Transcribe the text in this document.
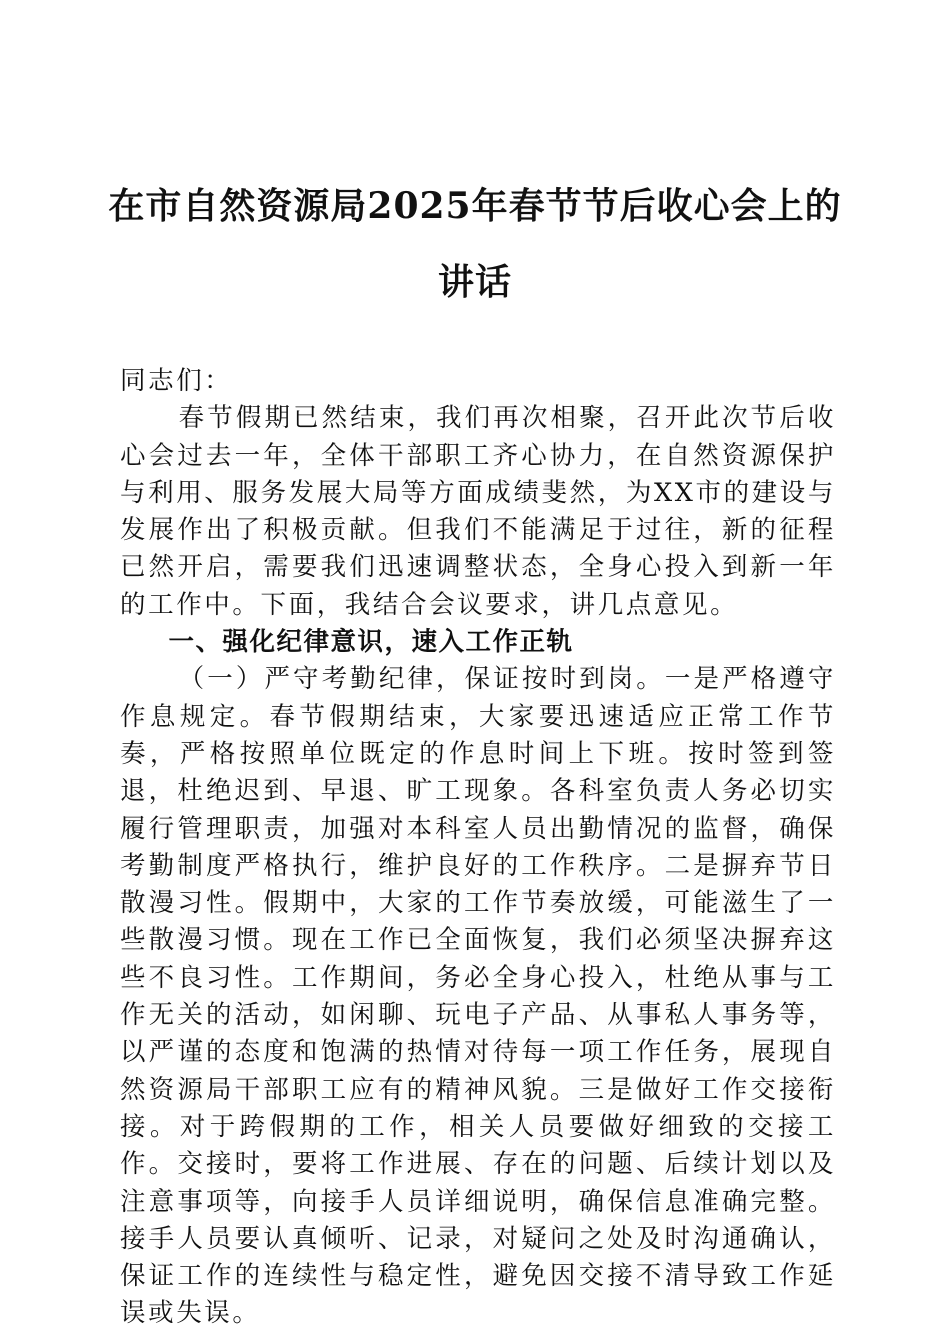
在市自然资源局2025年春节节后收心会上的
讲话

同志们：

春节假期已然结束，我们再次相聚，召开此次节后收心会过去一年，全体干部职工齐心协力，在自然资源保护与利用、服务发展大局等方面成绩斐然，为XX市的建设与发展作出了积极贡献。但我们不能满足于过往，新的征程已然开启，需要我们迅速调整状态，全身心投入到新一年的工作中。下面，我结合会议要求，讲几点意见。

一、强化纪律意识，速入工作正轨

（一）严守考勤纪律，保证按时到岗。一是严格遵守作息规定。春节假期结束，大家要迅速适应正常工作节奏，严格按照单位既定的作息时间上下班。按时签到签退，杜绝迟到、早退、旷工现象。各科室负责人务必切实履行管理职责，加强对本科室人员出勤情况的监督，确保考勤制度严格执行，维护良好的工作秩序。二是摒弃节日散漫习性。假期中，大家的工作节奏放缓，可能滋生了一些散漫习惯。现在工作已全面恢复，我们必须坚决摒弃这些不良习性。工作期间，务必全身心投入，杜绝从事与工作无关的活动，如闲聊、玩电子产品、从事私人事务等，以严谨的态度和饱满的热情对待每一项工作任务，展现自然资源局干部职工应有的精神风貌。三是做好工作交接衔接。对于跨假期的工作，相关人员要做好细致的交接工作。交接时，要将工作进展、存在的问题、后续计划以及注意事项等，向接手人员详细说明，确保信息准确完整。接手人员要认真倾听、记录，对疑问之处及时沟通确认，保证工作的连续性与稳定性，避免因交接不清导致工作延误或失误。
